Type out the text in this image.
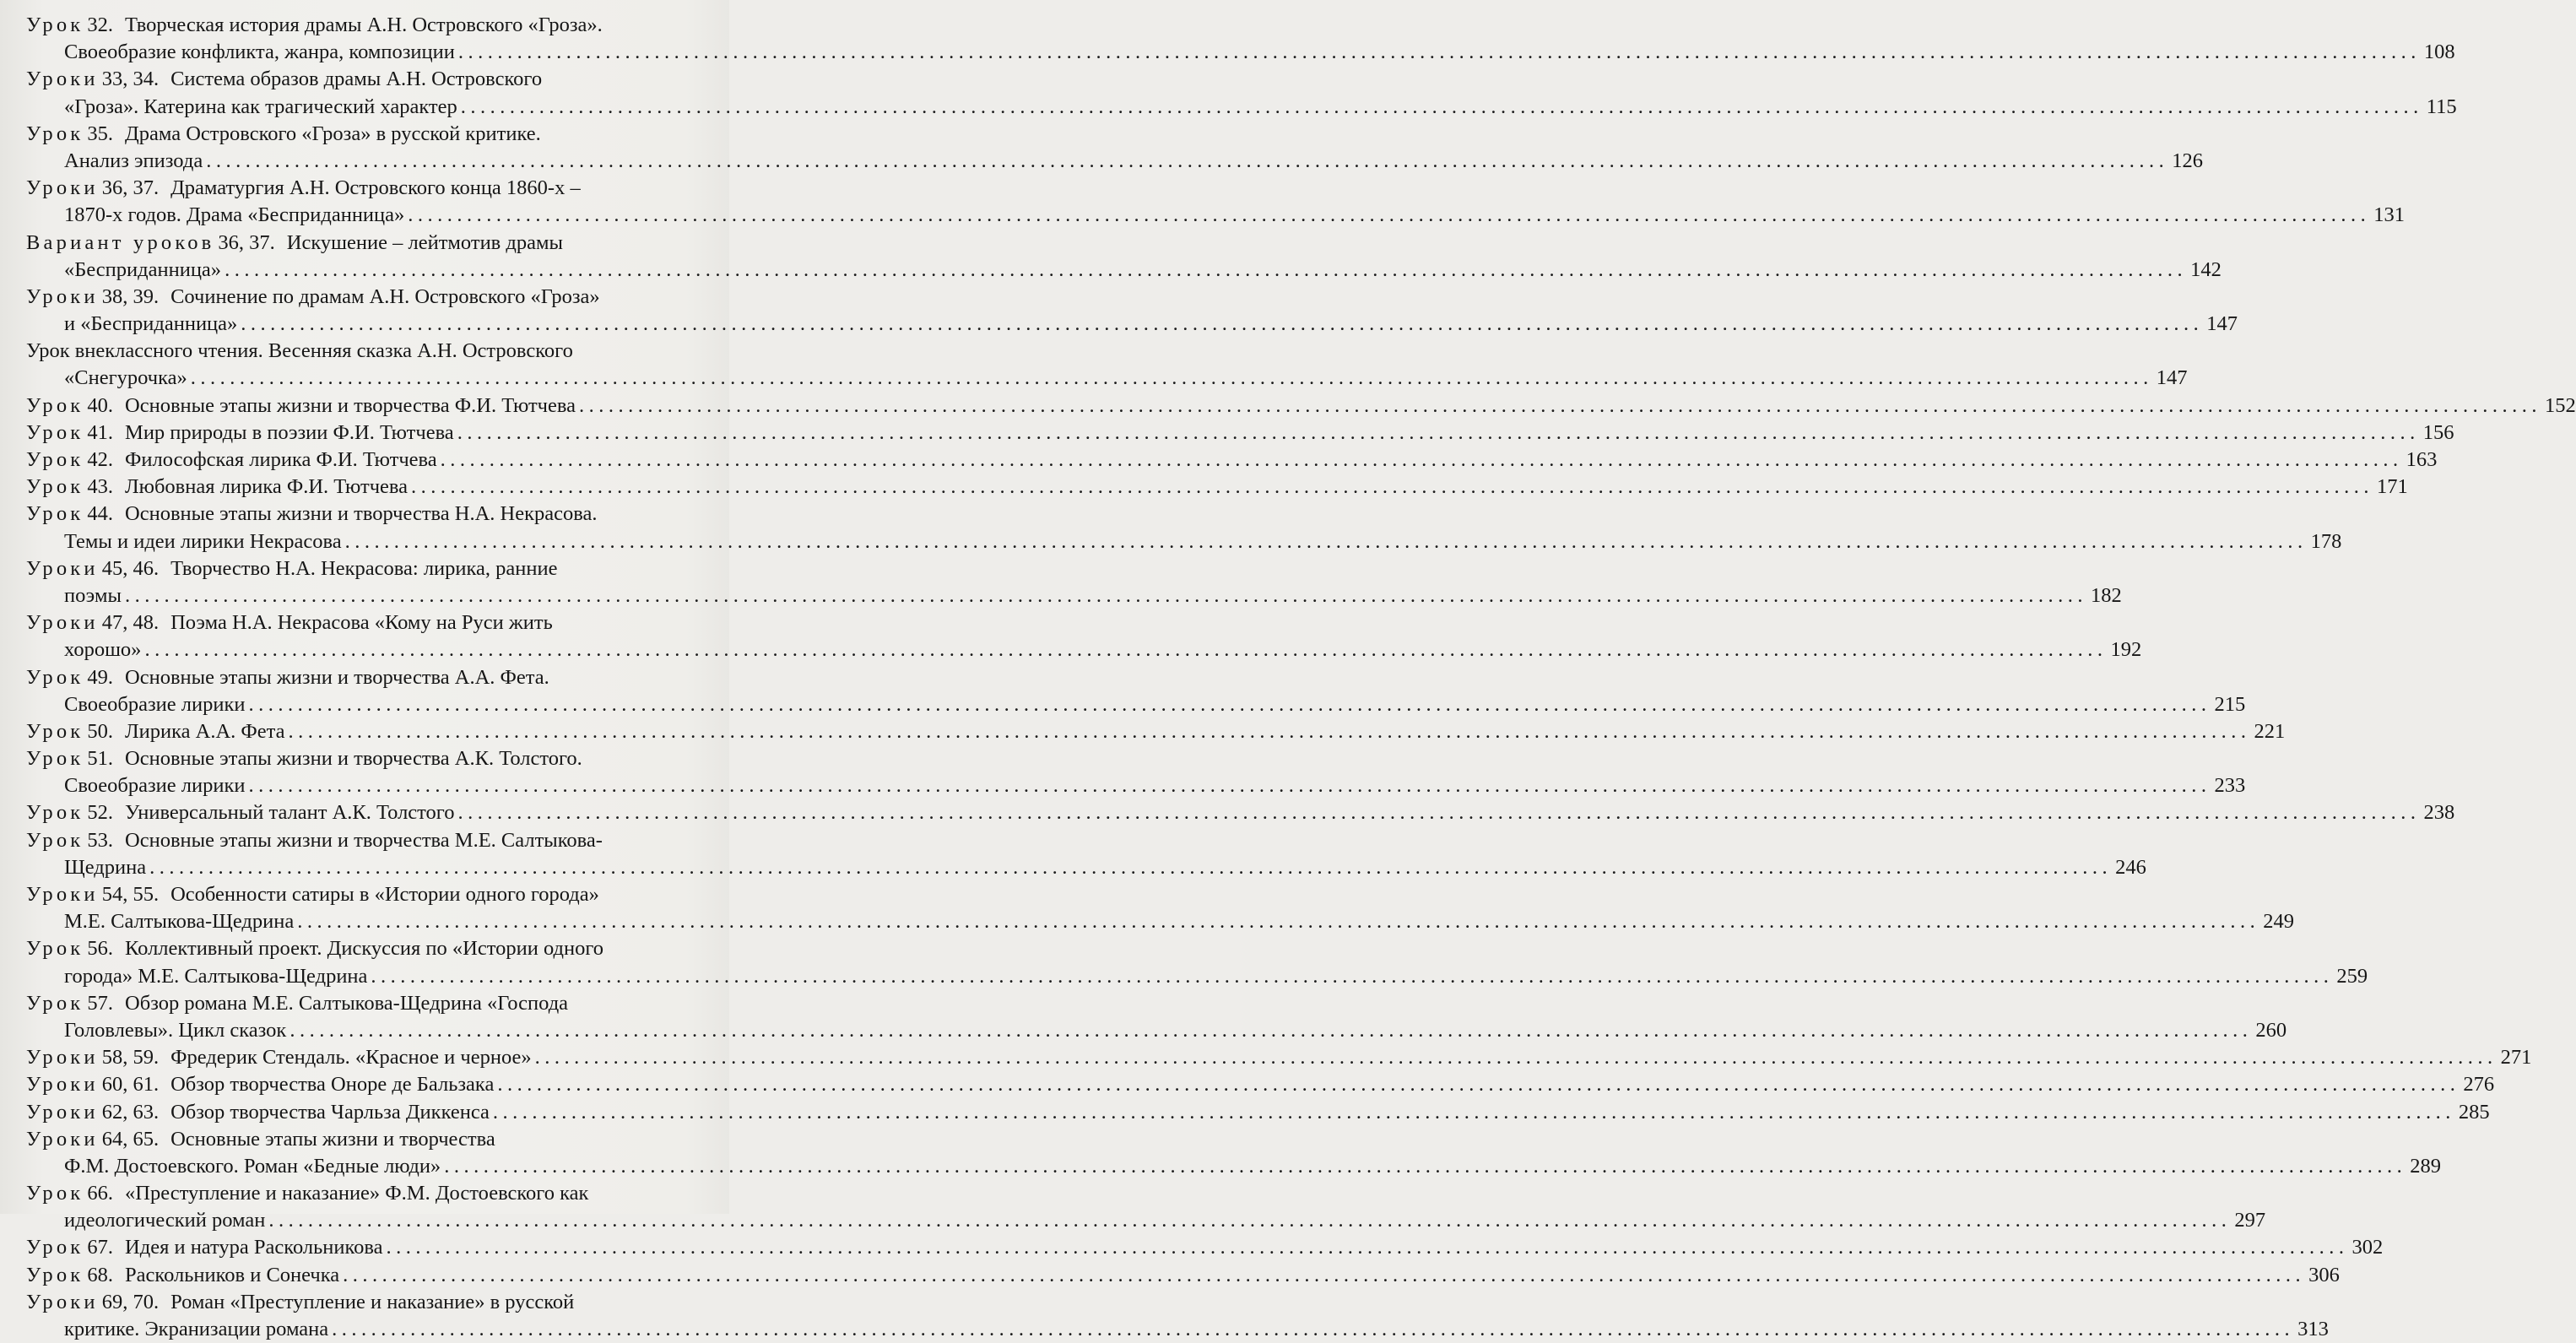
Урок 32. Творческая история драмы А.Н. Островского «Гроза».
Своеобразие конфликта, жанра, композиции .....	108
Уроки 33, 34. Система образов драмы А.Н. Островского
«Гроза». Катерина как трагический характер .....	115
Урок 35. Драма Островского «Гроза» в русской критике.
Анализ эпизода .....	126
Уроки 36, 37. Драматургия А.Н. Островского конца 1860-х –
1870-х годов. Драма «Бесприданница» .....	131
Вариант уроков 36, 37. Искушение – лейтмотив драмы
«Бесприданница» .....	142
Уроки 38, 39. Сочинение по драмам А.Н. Островского «Гроза»
и «Бесприданница» .....	147
Урок внеклассного чтения. Весенняя сказка А.Н. Островского
«Снегурочка» .....	147
Урок 40. Основные этапы жизни и творчества Ф.И. Тютчева .....	152
Урок 41. Мир природы в поэзии Ф.И. Тютчева .....	156
Урок 42. Философская лирика Ф.И. Тютчева .....	163
Урок 43. Любовная лирика Ф.И. Тютчева .....	171
Урок 44. Основные этапы жизни и творчества Н.А. Некрасова.
Темы и идеи лирики Некрасова .....	178
Уроки 45, 46. Творчество Н.А. Некрасова: лирика, ранние
поэмы .....	182
Уроки 47, 48. Поэма Н.А. Некрасова «Кому на Руси жить
хорошо» .....	192
Урок 49. Основные этапы жизни и творчества А.А. Фета.
Своеобразие лирики .....	215
Урок 50. Лирика А.А. Фета .....	221
Урок 51. Основные этапы жизни и творчества А.К. Толстого.
Своеобразие лирики .....	233
Урок 52. Универсальный талант А.К. Толстого .....	238
Урок 53. Основные этапы жизни и творчества М.Е. Салтыкова-
Щедрина .....	246
Уроки 54, 55. Особенности сатиры в «Истории одного города»
М.Е. Салтыкова-Щедрина .....	249
Урок 56. Коллективный проект. Дискуссия по «Истории одного
города» М.Е. Салтыкова-Щедрина .....	259
Урок 57. Обзор романа М.Е. Салтыкова-Щедрина «Господа
Головлевы». Цикл сказок .....	260
Уроки 58, 59. Фредерик Стендаль. «Красное и черное» .....	271
Уроки 60, 61. Обзор творчества Оноре де Бальзака .....	276
Уроки 62, 63. Обзор творчества Чарльза Диккенса .....	285
Уроки 64, 65. Основные этапы жизни и творчества
Ф.М. Достоевского. Роман «Бедные люди» .....	289
Урок 66. «Преступление и наказание» Ф.М. Достоевского как
идеологический роман .....	297
Урок 67. Идея и натура Раскольникова .....	302
Урок 68. Раскольников и Сонечка .....	306
Уроки 69, 70. Роман «Преступление и наказание» в русской
критике. Экранизации романа .....	313
